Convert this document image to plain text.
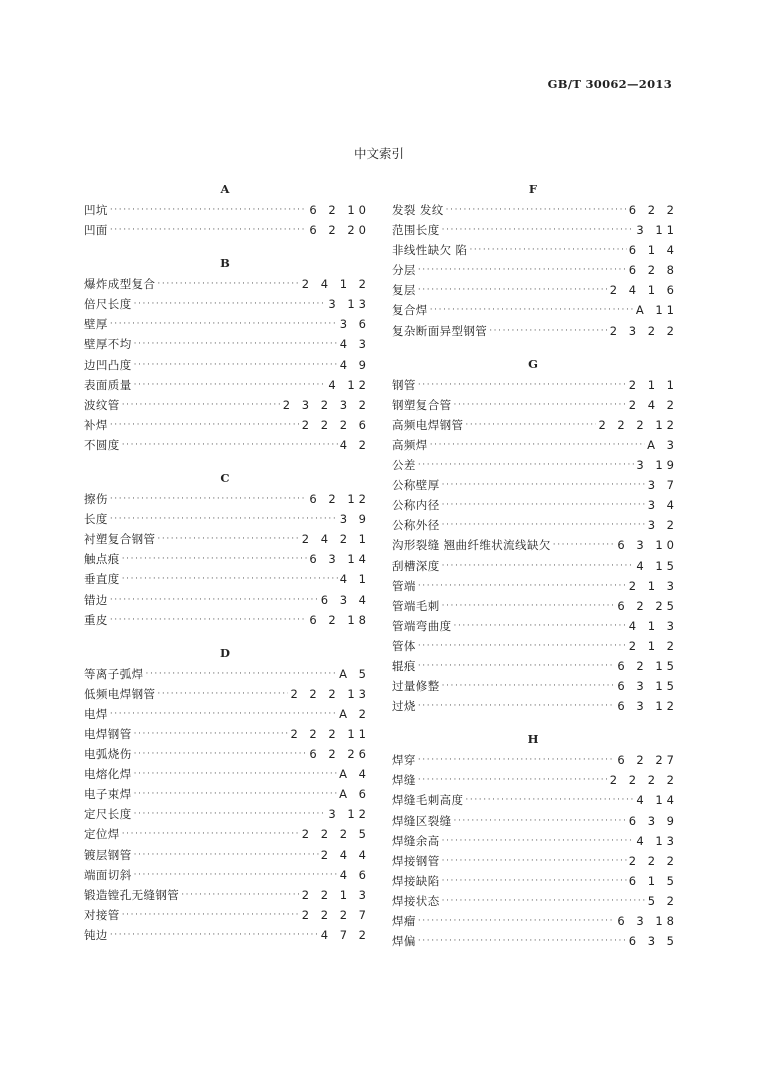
GB/T 30062—2013
中文索引
A
凹坑 ·····	6 2 10
凹面 ·····	6 2 20
B
爆炸成型复合 ·····	2 4 1 2
倍尺长度 ·····	3 13
壁厚 ·····	3 6
壁厚不均 ·····	4 3
边凹凸度 ·····	4 9
表面质量 ·····	4 12
波纹管 ·····	2 3 2 3 2
补焊 ·····	2 2 2 6
不圆度 ·····	4 2
C
擦伤 ·····	6 2 12
长度 ·····	3 9
衬塑复合钢管 ·····	2 4 2 1
触点痕 ·····	6 3 14
垂直度 ·····	4 1
错边 ·····	6 3 4
重皮 ·····	6 2 18
D
等离子弧焊 ·····	A 5
低频电焊钢管 ·····	2 2 2 13
电焊 ·····	A 2
电焊钢管 ·····	2 2 2 11
电弧烧伤 ·····	6 2 26
电熔化焊 ·····	A 4
电子束焊 ·····	A 6
定尺长度 ·····	3 12
定位焊 ·····	2 2 2 5
镀层钢管 ·····	2 4 4
端面切斜 ·····	4 6
锻造镗孔无缝钢管 ·····	2 2 1 3
对接管 ·····	2 2 2 7
钝边 ·····	4 7 2
F
发裂 发纹 ·····	6 2 2
范围长度 ·····	3 11
非线性缺欠 陷 ·····	6 1 4
分层 ·····	6 2 8
复层 ·····	2 4 1 6
复合焊 ·····	A 11
复杂断面异型钢管 ·····	2 3 2 2
G
钢管 ·····	2 1 1
钢塑复合管 ·····	2 4 2
高频电焊钢管 ·····	2 2 2 12
高频焊 ·····	A 3
公差 ·····	3 19
公称壁厚 ·····	3 7
公称内径 ·····	3 4
公称外径 ·····	3 2
沟形裂缝 翘曲纤维状流线缺欠 ·····	6 3 10
刮槽深度 ·····	4 15
管端 ·····	2 1 3
管端毛刺 ·····	6 2 25
管端弯曲度 ·····	4 1 3
管体 ·····	2 1 2
辊痕 ·····	6 2 15
过量修整 ·····	6 3 15
过烧 ·····	6 3 12
H
焊穿 ·····	6 2 27
焊缝 ·····	2 2 2 2
焊缝毛刺高度 ·····	4 14
焊缝区裂缝 ·····	6 3 9
焊缝余高 ·····	4 13
焊接钢管 ·····	2 2 2
焊接缺陷 ·····	6 1 5
焊接状态 ·····	5 2
焊瘤 ·····	6 3 18
焊偏 ·····	6 3 5
